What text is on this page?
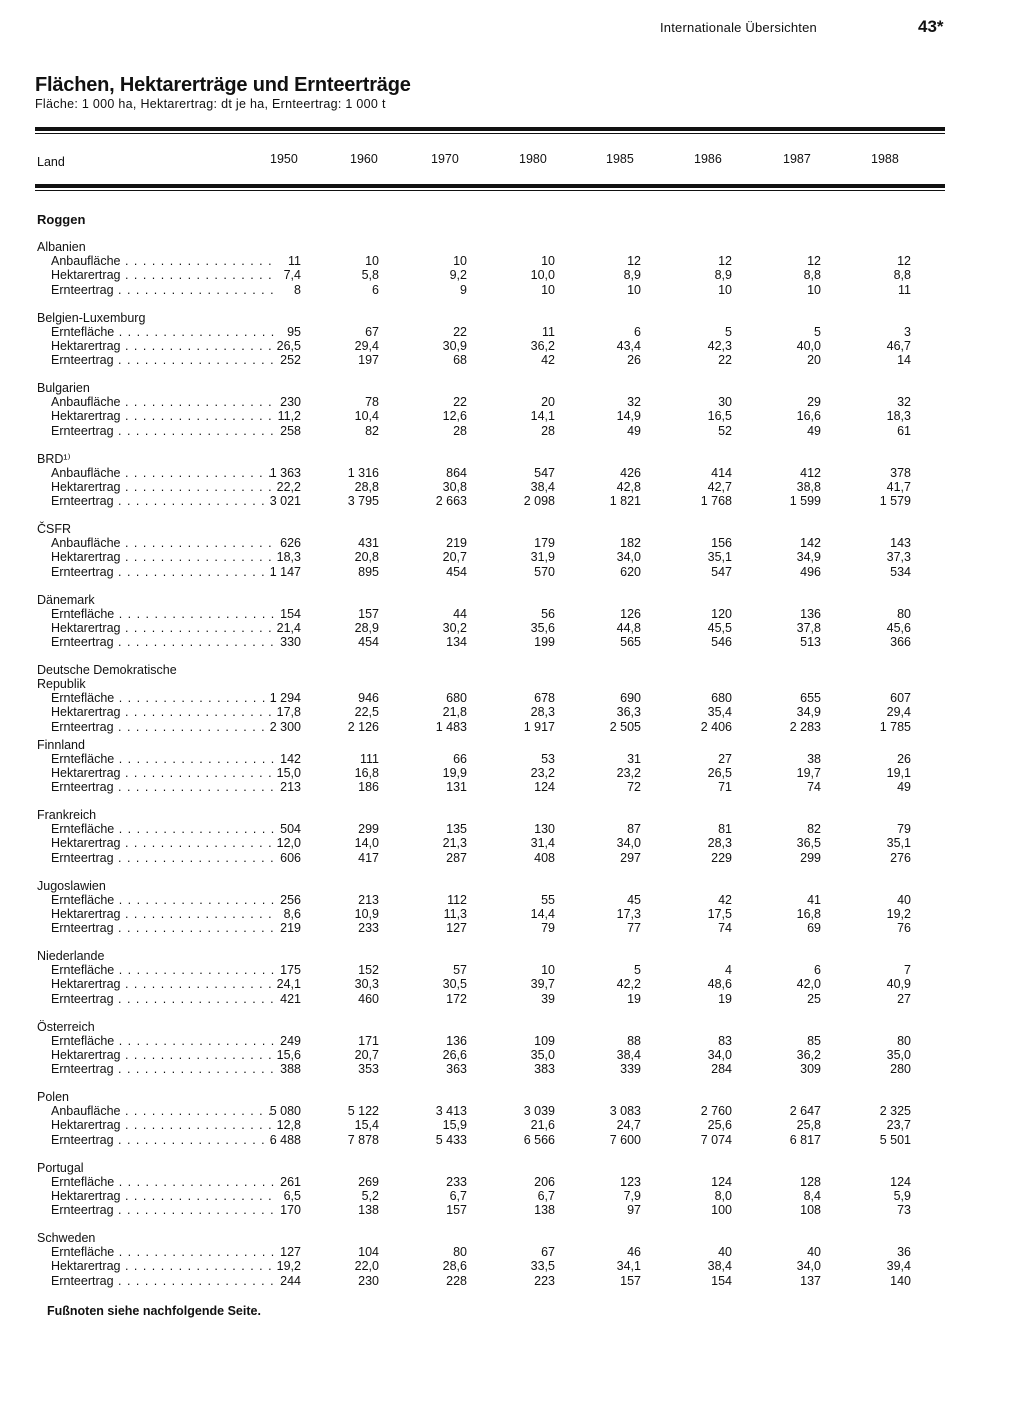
Internationale Übersichten	43*
Flächen, Hektarerträge und Ernteerträge
Fläche: 1 000 ha, Hektarertrag: dt je ha, Ernteertrag: 1 000 t
Land	1950	1960	1970	1980	1985	1986	1987	1988
Roggen
Albanien
Anbaufläche . . .	11	10	10	10	12	12	12	12
Hektarertrag . . .	7,4	5,8	9,2	10,0	8,9	8,9	8,8	8,8
Ernteertrag . . .	8	6	9	10	10	10	10	11
Belgien-Luxemburg
Erntefläche . . .	95	67	22	11	6	5	5	3
Hektarertrag . . .	26,5	29,4	30,9	36,2	43,4	42,3	40,0	46,7
Ernteertrag . . .	252	197	68	42	26	22	20	14
Bulgarien
Anbaufläche . . .	230	78	22	20	32	30	29	32
Hektarertrag . . .	11,2	10,4	12,6	14,1	14,9	16,5	16,6	18,3
Ernteertrag . . .	258	82	28	28	49	52	49	61
BRD¹⁾
Anbaufläche . . .	1 363	1 316	864	547	426	414	412	378
Hektarertrag . . .	22,2	28,8	30,8	38,4	42,8	42,7	38,8	41,7
Ernteertrag . . .	3 021	3 795	2 663	2 098	1 821	1 768	1 599	1 579
ČSFR
Anbaufläche . . .	626	431	219	179	182	156	142	143
Hektarertrag . . .	18,3	20,8	20,7	31,9	34,0	35,1	34,9	37,3
Ernteertrag . . .	1 147	895	454	570	620	547	496	534
Dänemark
Erntefläche . . .	154	157	44	56	126	120	136	80
Hektarertrag . . .	21,4	28,9	30,2	35,6	44,8	45,5	37,8	45,6
Ernteertrag . . .	330	454	134	199	565	546	513	366
Deutsche Demokratische Republik
Erntefläche . . .	1 294	946	680	678	690	680	655	607
Hektarertrag . . .	17,8	22,5	21,8	28,3	36,3	35,4	34,9	29,4
Ernteertrag . . .	2 300	2 126	1 483	1 917	2 505	2 406	2 283	1 785
Finnland
Erntefläche . . .	142	111	66	53	31	27	38	26
Hektarertrag . . .	15,0	16,8	19,9	23,2	23,2	26,5	19,7	19,1
Ernteertrag . . .	213	186	131	124	72	71	74	49
Frankreich
Erntefläche . . .	504	299	135	130	87	81	82	79
Hektarertrag . . .	12,0	14,0	21,3	31,4	34,0	28,3	36,5	35,1
Ernteertrag . . .	606	417	287	408	297	229	299	276
Jugoslawien
Erntefläche . . .	256	213	112	55	45	42	41	40
Hektarertrag . . .	8,6	10,9	11,3	14,4	17,3	17,5	16,8	19,2
Ernteertrag . . .	219	233	127	79	77	74	69	76
Niederlande
Erntefläche . . .	175	152	57	10	5	4	6	7
Hektarertrag . . .	24,1	30,3	30,5	39,7	42,2	48,6	42,0	40,9
Ernteertrag . . .	421	460	172	39	19	19	25	27
Österreich
Erntefläche . . .	249	171	136	109	88	83	85	80
Hektarertrag . . .	15,6	20,7	26,6	35,0	38,4	34,0	36,2	35,0
Ernteertrag . . .	388	353	363	383	339	284	309	280
Polen
Anbaufläche . . .	5 080	5 122	3 413	3 039	3 083	2 760	2 647	2 325
Hektarertrag . . .	12,8	15,4	15,9	21,6	24,7	25,6	25,8	23,7
Ernteertrag . . .	6 488	7 878	5 433	6 566	7 600	7 074	6 817	5 501
Portugal
Erntefläche . . .	261	269	233	206	123	124	128	124
Hektarertrag . . .	6,5	5,2	6,7	6,7	7,9	8,0	8,4	5,9
Ernteertrag . . .	170	138	157	138	97	100	108	73
Schweden
Erntefläche . . .	127	104	80	67	46	40	40	36
Hektarertrag . . .	19,2	22,0	28,6	33,5	34,1	38,4	34,0	39,4
Ernteertrag . . .	244	230	228	223	157	154	137	140
Fußnoten siehe nachfolgende Seite.
